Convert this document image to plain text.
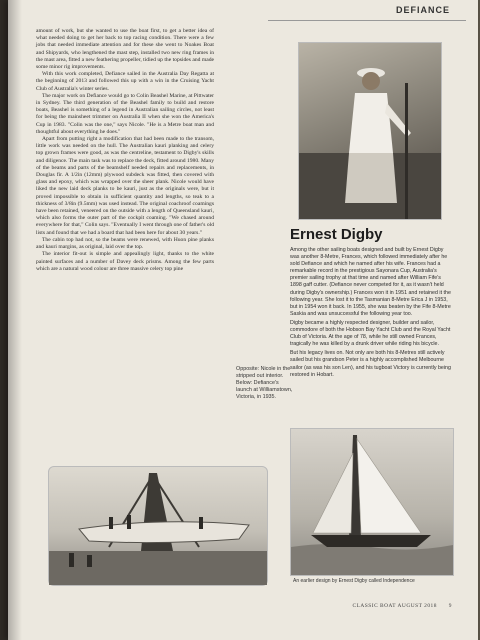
DEFIANCE

amount of work, but she wanted to use the boat first, to get a better idea of what needed doing to get her back to top racing condition. There were a few jobs that needed immediate attention and for these she went to Noakes Boat and Shipyards, who lengthened the mast step, installed two new ring frames in the mast area, fitted a new feathering propeller, tidied up the topsides and made some minor rig improvements.

With this work completed, Defiance sailed in the Australia Day Regatta at the beginning of 2013 and followed this up with a win in the Cruising Yacht Club of Australia's winter series.

The major work on Defiance would go to Colin Beashel Marine, at Pittwater in Sydney. The third generation of the Beashel family to build and restore boats, Beashel is something of a legend in Australian sailing circles, not least for being the mainsheet trimmer on Australia II when she won the America's Cup in 1983. "Colin was the one," says Nicole. "He is a Metre boat man and thoughtful about everything he does."

Apart from putting right a modification that had been made to the transom, little work was needed on the hull. The Australian kauri planking and celery top grown frames were good, as was the centreline, testament to Digby's skills and diligence. The main task was to replace the deck, fitted around 1980. Many of the beams and parts of the beamshelf needed repairs and replacements, in Douglas fir. A 1/2in (12mm) plywood subdeck was fitted, then covered with glass and epoxy, which was wrapped over the sheer plank. Nicole would have liked the new laid deck planks to be kauri, just as the originals were, but it proved impossible to obtain in sufficient quantity and lengths, so teak to a thickness of 3/8in (9.5mm) was used instead. The original coachroof coamings have been retained, veneered on the outside with a length of Queensland kauri, which also forms the outer part of the cockpit coaming. "We chased around everywhere for that," Colin says. "Eventually I went through one of father's old lists and found that we had a board that had been here for about 30 years."

The cabin top had not, so the beams were renewed, with Huon pine planks and kauri margins, as original, laid over the top.

The interior fit-out is simple and appealingly light, thanks to the white painted surfaces and a number of Davey deck prisms. Among the few parts which are a natural wood colour are three massive celery top pine

Opposite: Nicole in the stripped out interior. Below: Defiance's launch at Williamstown, Victoria, in 1935.
Ernest Digby

Among the other sailing boats designed and built by Ernest Digby was another 8-Metre, Frances, which followed immediately after he sold Defiance and which he named after his wife. Frances had a remarkable record in the prestigious Sayonara Cup, Australia's premier sailing trophy at that time and named after William Fife's 1898 gaff cutter. (Defiance never competed for it, as it wasn't held during Digby's ownership.) Frances won it in 1951 and retained it the following year. She lost it to the Tasmanian 8-Metre Erica J in 1953, but in 1954 won it back. In 1955, she was beaten by the Fife 8-Metre Saskia and was unsuccessful the following year too.

Digby became a highly respected designer, builder and sailor, commodore of both the Hobson Bay Yacht Club and the Royal Yacht Club of Victoria. At the age of 78, while he still owned Frances, tragically he was killed by a drunk driver while riding his bicycle.

But his legacy lives on. Not only are both his 8-Metres still actively sailed but his grandson Peter is a highly accomplished Melbourne sailor (as was his son Len), and his tugboat Victory is currently being restored in Hobart.

An earlier design by Ernest Digby called Independence
CLASSIC BOAT AUGUST 2018 9
